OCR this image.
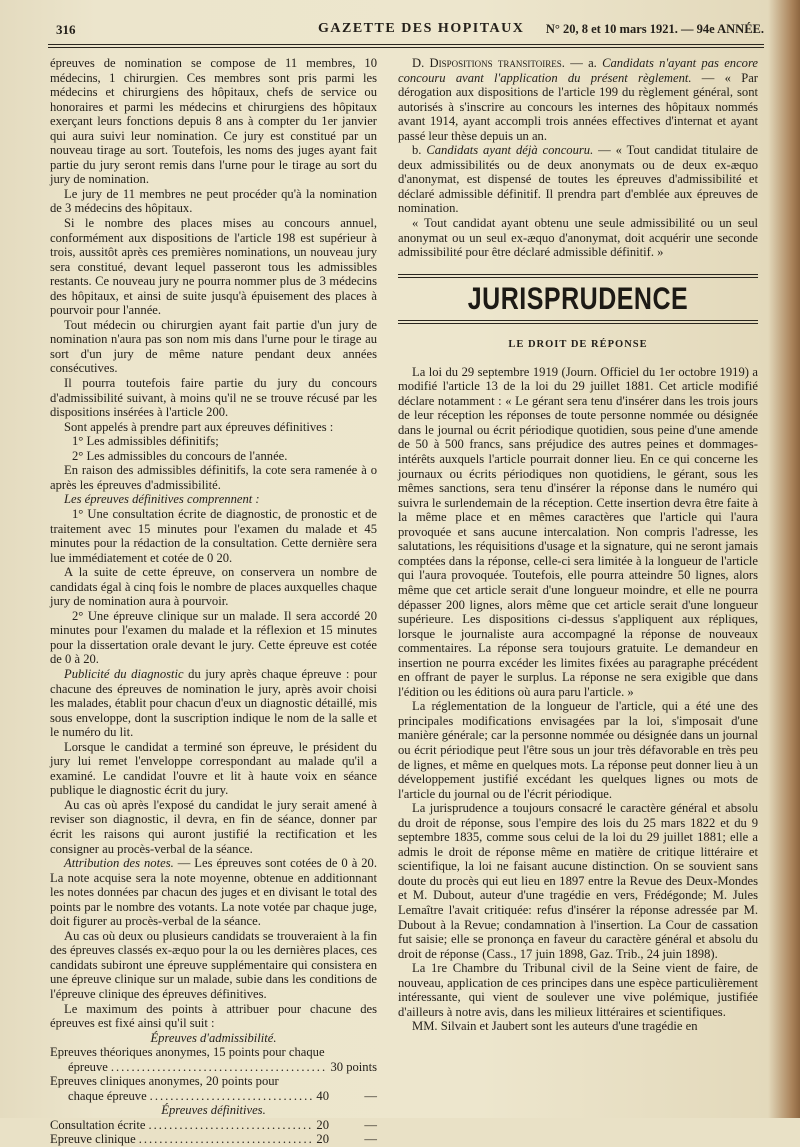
316	GAZETTE DES HOPITAUX N° 20, 8 et 10 mars 1921. — 94e ANNÉE.

épreuves de nomination se compose de 11 membres, 10 médecins, 1 chirurgien. Ces membres sont pris parmi les médecins et chirurgiens des hôpitaux, chefs de service ou honoraires et parmi les médecins et chirurgiens des hôpitaux exerçant leurs fonctions depuis 8 ans à compter du 1er janvier qui aura suivi leur nomination. Ce jury est constitué par un nouveau tirage au sort. Toutefois, les noms des juges ayant fait partie du jury seront remis dans l'urne pour le tirage au sort du jury de nomination.

Le jury de 11 membres ne peut procéder qu'à la nomination de 3 médecins des hôpitaux.

Si le nombre des places mises au concours annuel, conformément aux dispositions de l'article 198 est supérieur à trois, aussitôt après ces premières nominations, un nouveau jury sera constitué, devant lequel passeront tous les admissibles restants. Ce nouveau jury ne pourra nommer plus de 3 médecins des hôpitaux, et ainsi de suite jusqu'à épuisement des places à pourvoir pour l'année.

Tout médecin ou chirurgien ayant fait partie d'un jury de nomination n'aura pas son nom mis dans l'urne pour le tirage au sort d'un jury de même nature pendant deux années consécutives.

Il pourra toutefois faire partie du jury du concours d'admissibilité suivant, à moins qu'il ne se trouve récusé par les dispositions insérées à l'article 200.

Sont appelés à prendre part aux épreuves définitives :

1° Les admissibles définitifs;

2° Les admissibles du concours de l'année.

En raison des admissibles définitifs, la cote sera ramenée à o après les épreuves d'admissibilité.

Les épreuves définitives comprennent :

1° Une consultation écrite de diagnostic, de pronostic et de traitement avec 15 minutes pour l'examen du malade et 45 minutes pour la rédaction de la consultation. Cette dernière sera lue immédiatement et cotée de 0 20.

A la suite de cette épreuve, on conservera un nombre de candidats égal à cinq fois le nombre de places auxquelles chaque jury de nomination aura à pourvoir.

2° Une épreuve clinique sur un malade. Il sera accordé 20 minutes pour l'examen du malade et la réflexion et 15 minutes pour la dissertation orale devant le jury. Cette épreuve est cotée de 0 à 20.

Publicité du diagnostic du jury après chaque épreuve : pour chacune des épreuves de nomination le jury, après avoir choisi les malades, établit pour chacun d'eux un diagnostic détaillé, mis sous enveloppe, dont la suscription indique le nom de la salle et le numéro du lit.

Lorsque le candidat a terminé son épreuve, le président du jury lui remet l'enveloppe correspondant au malade qu'il a examiné. Le candidat l'ouvre et lit à haute voix en séance publique le diagnostic écrit du jury.

Au cas où après l'exposé du candidat le jury serait amené à reviser son diagnostic, il devra, en fin de séance, donner par écrit les raisons qui auront justifié la rectification et les consigner au procès-verbal de la séance.

Attribution des notes. — Les épreuves sont cotées de 0 à 20. La note acquise sera la note moyenne, obtenue en additionnant les notes données par chacun des juges et en divisant le total des points par le nombre des votants. La note votée par chaque juge, doit figurer au procès-verbal de la séance.

Au cas où deux ou plusieurs candidats se trouveraient à la fin des épreuves classés ex-æquo pour la ou les dernières places, ces candidats subiront une épreuve supplémentaire qui consistera en une épreuve clinique sur un malade, subie dans les conditions de l'épreuve clinique des épreuves définitives.

Le maximum des points à attribuer pour chacune des épreuves est fixé ainsi qu'il suit :

Épreuves d'admissibilité.

Epreuves théoriques anonymes, 15 points pour chaque
épreuve .....	30 points
Epreuves cliniques anonymes, 20 points pour
chaque épreuve .....	40	—

Épreuves définitives.

Consultation écrite .....	20	—
Epreuve clinique .....	20	—

D. Dispositions transitoires. — a. Candidats n'ayant pas encore concouru avant l'application du présent règlement. — « Par dérogation aux dispositions de l'article 199 du règlement général, sont autorisés à s'inscrire au concours les internes des hôpitaux nommés avant 1914, ayant accompli trois années effectives d'internat et ayant passé leur thèse depuis un an.

b. Candidats ayant déjà concouru. — « Tout candidat titulaire de deux admissibilités ou de deux anonymats ou de deux ex-æquo d'anonymat, est dispensé de toutes les épreuves d'admissibilité et déclaré admissible définitif. Il prendra part d'emblée aux épreuves de nomination.

« Tout candidat ayant obtenu une seule admissibilité ou un seul anonymat ou un seul ex-æquo d'anonymat, doit acquérir une seconde admissibilité pour être déclaré admissible définitif. »

JURISPRUDENCE
LE DROIT DE RÉPONSE

La loi du 29 septembre 1919 (Journ. Officiel du 1er octobre 1919) a modifié l'article 13 de la loi du 29 juillet 1881. Cet article modifié déclare notamment : « Le gérant sera tenu d'insérer dans les trois jours de leur réception les réponses de toute personne nommée ou désignée dans le journal ou écrit périodique quotidien, sous peine d'une amende de 50 à 500 francs, sans préjudice des autres peines et dommages-intérêts auxquels l'article pourrait donner lieu. En ce qui concerne les journaux ou écrits périodiques non quotidiens, le gérant, sous les mêmes sanctions, sera tenu d'insérer la réponse dans le numéro qui suivra le surlendemain de la réception. Cette insertion devra être faite à la même place et en mêmes caractères que l'article qui l'aura provoquée et sans aucune intercalation. Non compris l'adresse, les salutations, les réquisitions d'usage et la signature, qui ne seront jamais comptées dans la réponse, celle-ci sera limitée à la longueur de l'article qui l'aura provoquée. Toutefois, elle pourra atteindre 50 lignes, alors même que cet article serait d'une longueur moindre, et elle ne pourra dépasser 200 lignes, alors même que cet article serait d'une longueur supérieure. Les dispositions ci-dessus s'appliquent aux répliques, lorsque le journaliste aura accompagné la réponse de nouveaux commentaires. La réponse sera toujours gratuite. Le demandeur en insertion ne pourra excéder les limites fixées au paragraphe précédent en offrant de payer le surplus. La réponse ne sera exigible que dans l'édition ou les éditions où aura paru l'article. »

La réglementation de la longueur de l'article, qui a été une des principales modifications envisagées par la loi, s'imposait d'une manière générale; car la personne nommée ou désignée dans un journal ou écrit périodique peut l'être sous un jour très défavorable en très peu de lignes, et même en quelques mots. La réponse peut donner lieu à un développement justifié excédant les quelques lignes ou mots de l'article du journal ou de l'écrit périodique.

La jurisprudence a toujours consacré le caractère général et absolu du droit de réponse, sous l'empire des lois du 25 mars 1822 et du 9 septembre 1835, comme sous celui de la loi du 29 juillet 1881; elle a admis le droit de réponse même en matière de critique littéraire et scientifique, la loi ne faisant aucune distinction. On se souvient sans doute du procès qui eut lieu en 1897 entre la Revue des Deux-Mondes et M. Dubout, auteur d'une tragédie en vers, Frédégonde; M. Jules Lemaître l'avait critiquée: refus d'insérer la réponse adressée par M. Dubout à la Revue; condamnation à l'insertion. La Cour de cassation fut saisie; elle se prononça en faveur du caractère général et absolu du droit de réponse (Cass., 17 juin 1898, Gaz. Trib., 24 juin 1898).

La 1re Chambre du Tribunal civil de la Seine vient de faire, de nouveau, application de ces principes dans une espèce particulièrement intéressante, qui vient de soulever une vive polémique, justifiée d'ailleurs à notre avis, dans les milieux littéraires et scientifiques.

MM. Silvain et Jaubert sont les auteurs d'une tragédie en
